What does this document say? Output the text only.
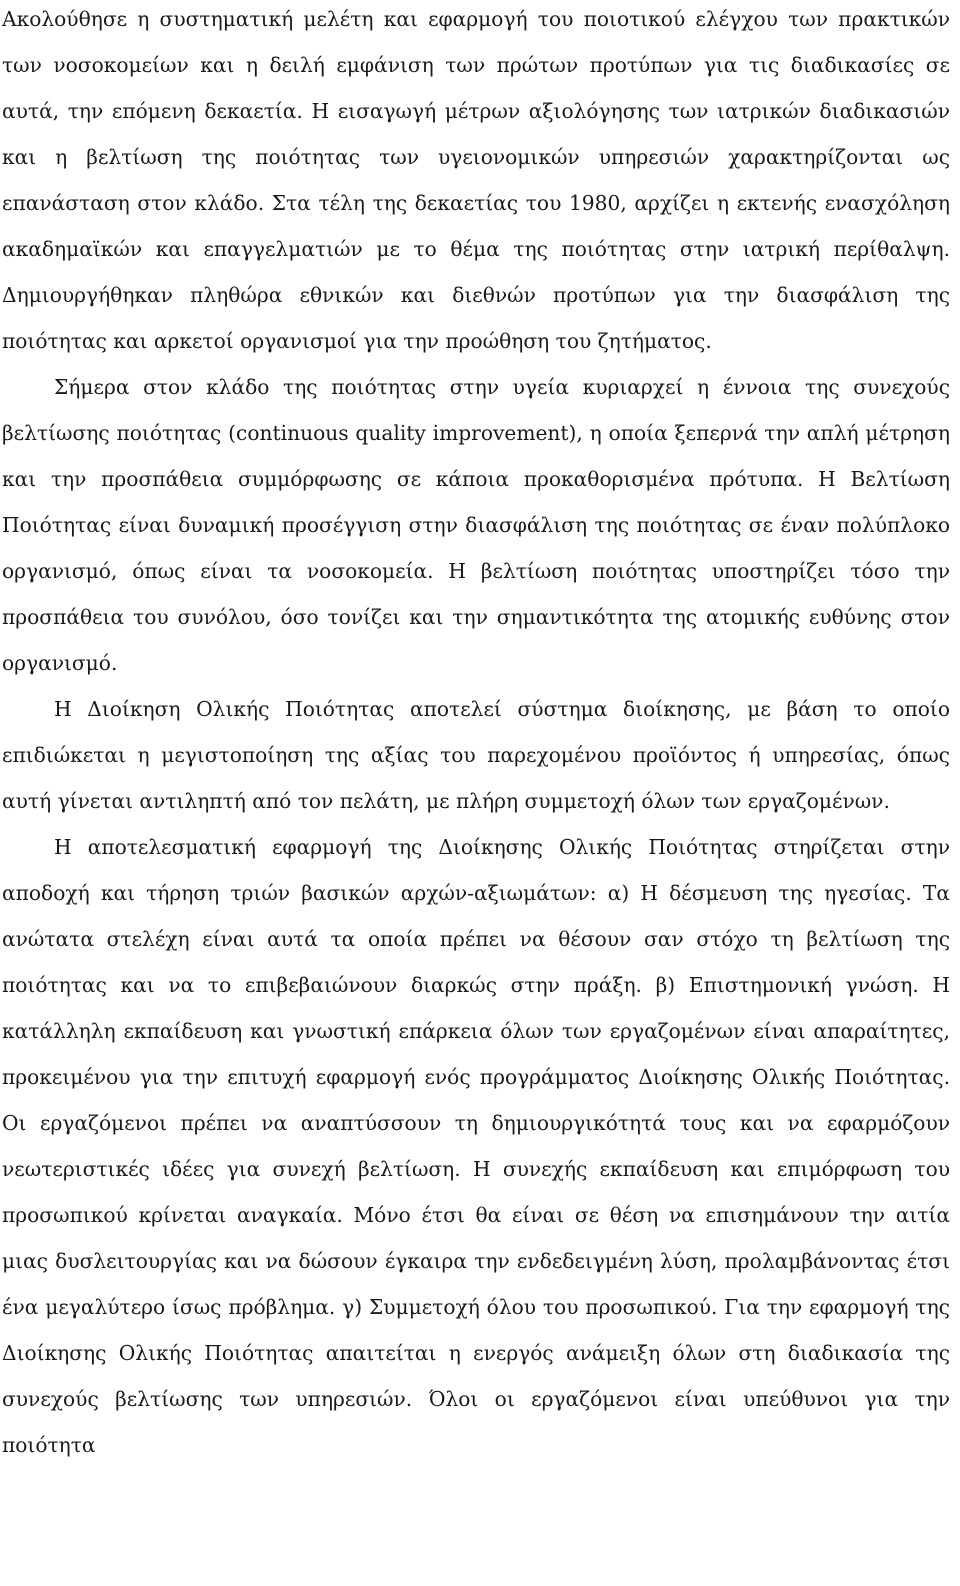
Ακολούθησε η συστηματική μελέτη και εφαρμογή του ποιοτικού ελέγχου των πρακτικών των νοσοκομείων και η δειλή εμφάνιση των πρώτων προτύπων για τις διαδικασίες σε αυτά, την επόμενη δεκαετία. Η εισαγωγή μέτρων αξιολόγησης των ιατρικών διαδικασιών και η βελτίωση της ποιότητας των υγειονομικών υπηρεσιών χαρακτηρίζονται ως επανάσταση στον κλάδο. Στα τέλη της δεκαετίας του 1980, αρχίζει η εκτενής ενασχόληση ακαδημαϊκών και επαγγελματιών με το θέμα της ποιότητας στην ιατρική περίθαλψη. Δημιουργήθηκαν πληθώρα εθνικών και διεθνών προτύπων για την διασφάλιση της ποιότητας και αρκετοί οργανισμοί για την προώθηση του ζητήματος.

Σήμερα στον κλάδο της ποιότητας στην υγεία κυριαρχεί η έννοια της συνεχούς βελτίωσης ποιότητας (continuous quality improvement), η οποία ξεπερνά την απλή μέτρηση και την προσπάθεια συμμόρφωσης σε κάποια προκαθορισμένα πρότυπα. Η Βελτίωση Ποιότητας είναι δυναμική προσέγγιση στην διασφάλιση της ποιότητας σε έναν πολύπλοκο οργανισμό, όπως είναι τα νοσοκομεία. Η βελτίωση ποιότητας υποστηρίζει τόσο την προσπάθεια του συνόλου, όσο τονίζει και την σημαντικότητα της ατομικής ευθύνης στον οργανισμό.

Η Διοίκηση Ολικής Ποιότητας αποτελεί σύστημα διοίκησης, με βάση το οποίο επιδιώκεται η μεγιστοποίηση της αξίας του παρεχομένου προϊόντος ή υπηρεσίας, όπως αυτή γίνεται αντιληπτή από τον πελάτη, με πλήρη συμμετοχή όλων των εργαζομένων.

Η αποτελεσματική εφαρμογή της Διοίκησης Ολικής Ποιότητας στηρίζεται στην αποδοχή και τήρηση τριών βασικών αρχών-αξιωμάτων: α) Η δέσμευση της ηγεσίας. Τα ανώτατα στελέχη είναι αυτά τα οποία πρέπει να θέσουν σαν στόχο τη βελτίωση της ποιότητας και να το επιβεβαιώνουν διαρκώς στην πράξη. β) Επιστημονική γνώση. Η κατάλληλη εκπαίδευση και γνωστική επάρκεια όλων των εργαζομένων είναι απαραίτητες, προκειμένου για την επιτυχή εφαρμογή ενός προγράμματος Διοίκησης Ολικής Ποιότητας. Οι εργαζόμενοι πρέπει να αναπτύσσουν τη δημιουργικότητά τους και να εφαρμόζουν νεωτεριστικές ιδέες για συνεχή βελτίωση. Η συνεχής εκπαίδευση και επιμόρφωση του προσωπικού κρίνεται αναγκαία. Μόνο έτσι θα είναι σε θέση να επισημάνουν την αιτία μιας δυσλειτουργίας και να δώσουν έγκαιρα την ενδεδειγμένη λύση, προλαμβάνοντας έτσι ένα μεγαλύτερο ίσως πρόβλημα. γ) Συμμετοχή όλου του προσωπικού. Για την εφαρμογή της Διοίκησης Ολικής Ποιότητας απαιτείται η ενεργός ανάμειξη όλων στη διαδικασία της συνεχούς βελτίωσης των υπηρεσιών. Όλοι οι εργαζόμενοι είναι υπεύθυνοι για την ποιότητα
